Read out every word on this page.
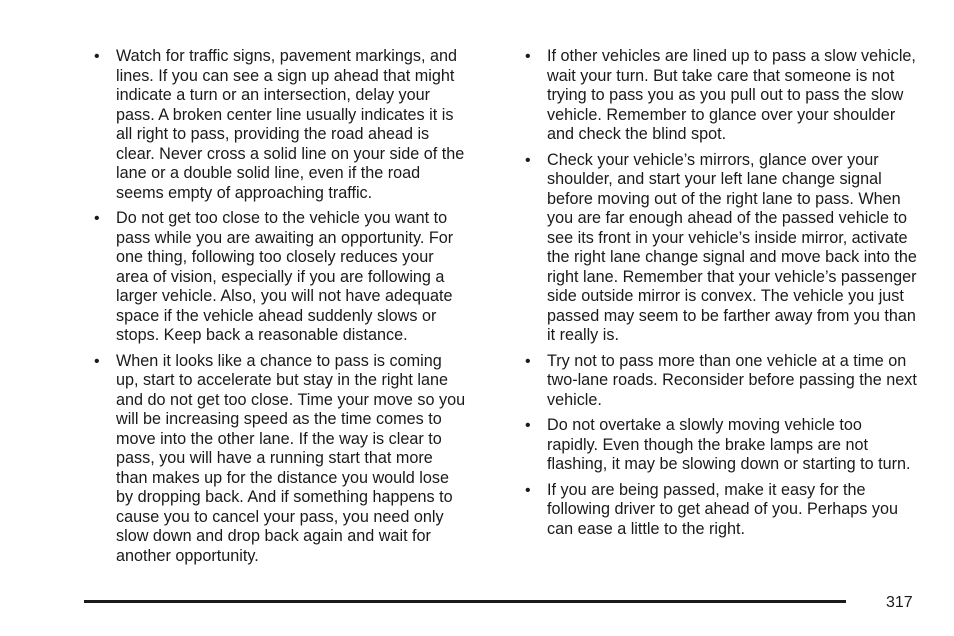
• Watch for traffic signs, pavement markings, and lines. If you can see a sign up ahead that might indicate a turn or an intersection, delay your pass. A broken center line usually indicates it is all right to pass, providing the road ahead is clear. Never cross a solid line on your side of the lane or a double solid line, even if the road seems empty of approaching traffic.
• Do not get too close to the vehicle you want to pass while you are awaiting an opportunity. For one thing, following too closely reduces your area of vision, especially if you are following a larger vehicle. Also, you will not have adequate space if the vehicle ahead suddenly slows or stops. Keep back a reasonable distance.
• When it looks like a chance to pass is coming up, start to accelerate but stay in the right lane and do not get too close. Time your move so you will be increasing speed as the time comes to move into the other lane. If the way is clear to pass, you will have a running start that more than makes up for the distance you would lose by dropping back. And if something happens to cause you to cancel your pass, you need only slow down and drop back again and wait for another opportunity.
• If other vehicles are lined up to pass a slow vehicle, wait your turn. But take care that someone is not trying to pass you as you pull out to pass the slow vehicle. Remember to glance over your shoulder and check the blind spot.
• Check your vehicle’s mirrors, glance over your shoulder, and start your left lane change signal before moving out of the right lane to pass. When you are far enough ahead of the passed vehicle to see its front in your vehicle’s inside mirror, activate the right lane change signal and move back into the right lane. Remember that your vehicle’s passenger side outside mirror is convex. The vehicle you just passed may seem to be farther away from you than it really is.
• Try not to pass more than one vehicle at a time on two-lane roads. Reconsider before passing the next vehicle.
• Do not overtake a slowly moving vehicle too rapidly. Even though the brake lamps are not flashing, it may be slowing down or starting to turn.
• If you are being passed, make it easy for the following driver to get ahead of you. Perhaps you can ease a little to the right.
317
